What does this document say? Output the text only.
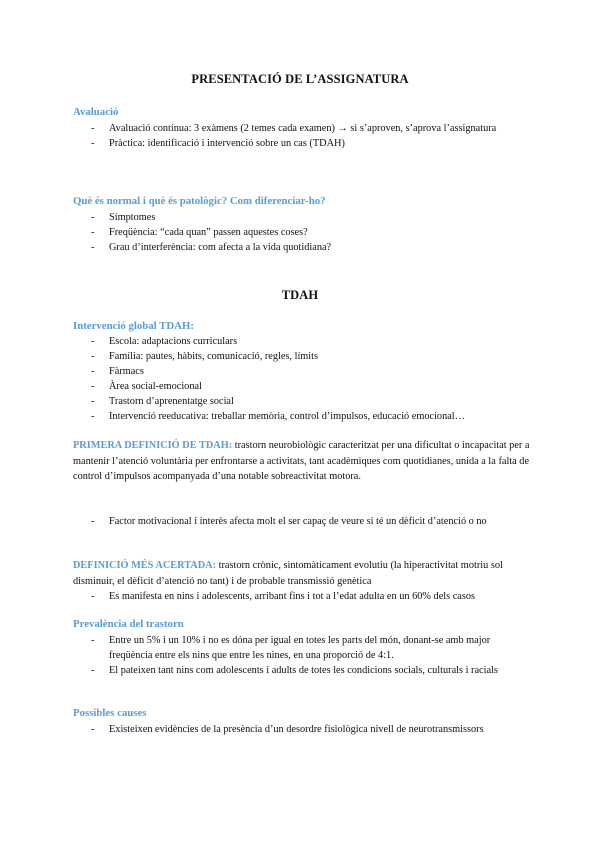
PRESENTACIÓ DE L’ASSIGNATURA
Avaluació
- Avaluació contínua: 3 exàmens (2 temes cada examen) → si s’aproven, s’aprova l’assignatura
- Pràctica: identificació i intervenció sobre un cas (TDAH)
Què és normal i què és patològic? Com diferenciar-ho?
- Símptomes
- Freqüència: “cada quan” passen aquestes coses?
- Grau d’interferència: com afecta a la vida quotidiana?
TDAH
Intervenció global TDAH:
- Escola: adaptacions curriculars
- Família: pautes, hàbits, comunicació, regles, límits
- Fàrmacs
- Àrea social-emocional
- Trastorn d’aprenentatge social
- Intervenció reeducativa: treballar memòria, control d’impulsos, educació emocional…
PRIMERA DEFINICIÓ DE TDAH: trastorn neurobiològic caracteritzat per una dificultat o incapacitat per a mantenir l’atenció voluntària per enfrontarse a activitats, tant acadèmiques com quotidianes, unida a la falta de control d’impulsos acompanyada d’una notable sobreactivitat motora.
- Factor motivacional i interès afecta molt el ser capaç de veure si té un dèficit d’atenció o no
DEFINICIÓ MÉS ACERTADA: trastorn crònic, sintomàticament evolutiu (la hiperactivitat motriu sol disminuir, el dèficit d’atenció no tant) i de probable transmissió genètica
- Es manifesta en nins i adolescents, arribant fins i tot a l’edat adulta en un 60% dels casos
Prevalència del trastorn
- Entre un 5% i un 10% i no es dóna per igual en totes les parts del món, donant-se amb major freqüència entre els nins que entre les nines, en una proporció de 4:1.
- El pateixen tant nins com adolescents i adults de totes les condicions socials, culturals i racials
Possibles causes
- Existeixen evidències de la presència d’un desordre fisiològica nivell de neurotransmissors
